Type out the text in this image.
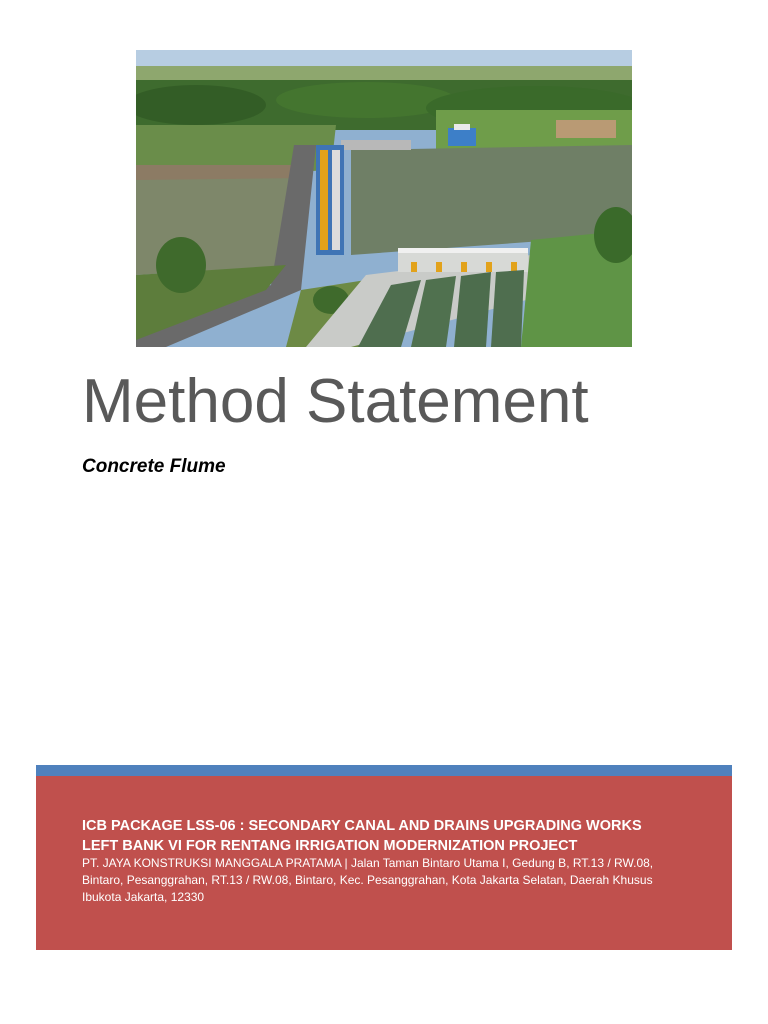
Method Statement
Concrete Flume
ICB PACKAGE LSS-06 : SECONDARY CANAL AND DRAINS UPGRADING WORKS
LEFT BANK VI FOR RENTANG IRRIGATION MODERNIZATION PROJECT
PT. JAYA KONSTRUKSI MANGGALA PRATAMA | Jalan Taman Bintaro Utama I, Gedung B, RT.13 / RW.08, Bintaro, Pesanggrahan, RT.13 / RW.08, Bintaro, Kec. Pesanggrahan, Kota Jakarta Selatan, Daerah Khusus Ibukota Jakarta, 12330
